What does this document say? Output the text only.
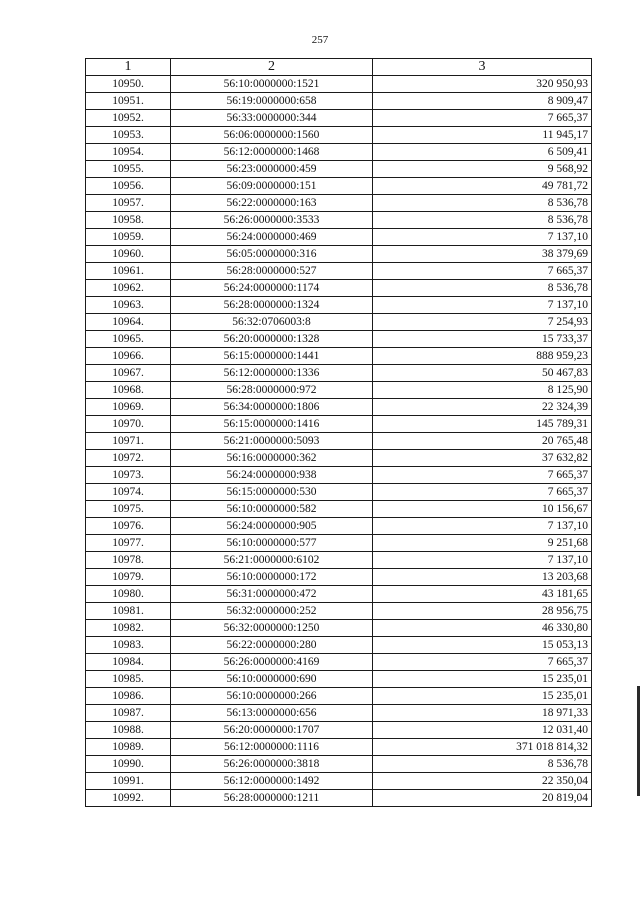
257
1	2	3
10950.	56:10:0000000:1521	320 950,93
10951.	56:19:0000000:658	8 909,47
10952.	56:33:0000000:344	7 665,37
10953.	56:06:0000000:1560	11 945,17
10954.	56:12:0000000:1468	6 509,41
10955.	56:23:0000000:459	9 568,92
10956.	56:09:0000000:151	49 781,72
10957.	56:22:0000000:163	8 536,78
10958.	56:26:0000000:3533	8 536,78
10959.	56:24:0000000:469	7 137,10
10960.	56:05:0000000:316	38 379,69
10961.	56:28:0000000:527	7 665,37
10962.	56:24:0000000:1174	8 536,78
10963.	56:28:0000000:1324	7 137,10
10964.	56:32:0706003:8	7 254,93
10965.	56:20:0000000:1328	15 733,37
10966.	56:15:0000000:1441	888 959,23
10967.	56:12:0000000:1336	50 467,83
10968.	56:28:0000000:972	8 125,90
10969.	56:34:0000000:1806	22 324,39
10970.	56:15:0000000:1416	145 789,31
10971.	56:21:0000000:5093	20 765,48
10972.	56:16:0000000:362	37 632,82
10973.	56:24:0000000:938	7 665,37
10974.	56:15:0000000:530	7 665,37
10975.	56:10:0000000:582	10 156,67
10976.	56:24:0000000:905	7 137,10
10977.	56:10:0000000:577	9 251,68
10978.	56:21:0000000:6102	7 137,10
10979.	56:10:0000000:172	13 203,68
10980.	56:31:0000000:472	43 181,65
10981.	56:32:0000000:252	28 956,75
10982.	56:32:0000000:1250	46 330,80
10983.	56:22:0000000:280	15 053,13
10984.	56:26:0000000:4169	7 665,37
10985.	56:10:0000000:690	15 235,01
10986.	56:10:0000000:266	15 235,01
10987.	56:13:0000000:656	18 971,33
10988.	56:20:0000000:1707	12 031,40
10989.	56:12:0000000:1116	371 018 814,32
10990.	56:26:0000000:3818	8 536,78
10991.	56:12:0000000:1492	22 350,04
10992.	56:28:0000000:1211	20 819,04
